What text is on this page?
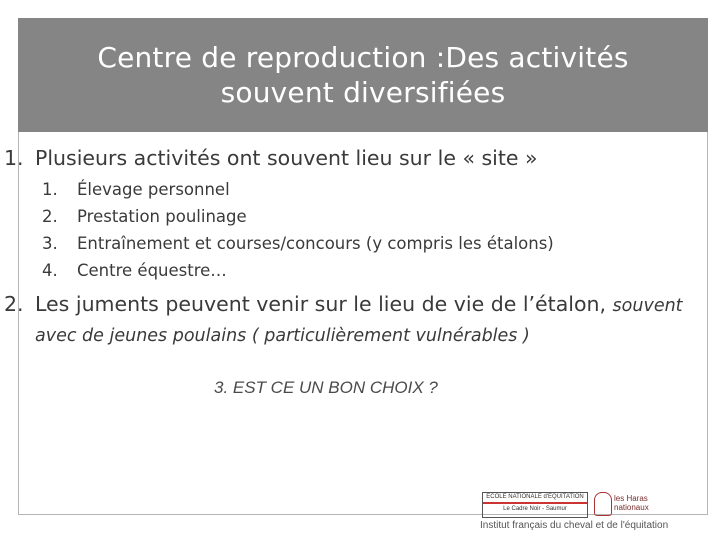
Centre de reproduction :Des activités
souvent diversifiées
1. Plusieurs activités ont souvent lieu sur le « site »
1.	Élevage personnel
2.	Prestation poulinage
3.	Entraînement et courses/concours (y compris les étalons)
4.	Centre équestre…
2. Les juments peuvent venir sur le lieu de vie de l’étalon, souvent avec de jeunes poulains ( particulièrement vulnérables )
3. EST CE UN BON CHOIX ?
ECOLE NATIONALE d'EQUITATION
Le Cadre Noir - Saumur
les Haras nationaux
Institut français du cheval et de l'équitation
